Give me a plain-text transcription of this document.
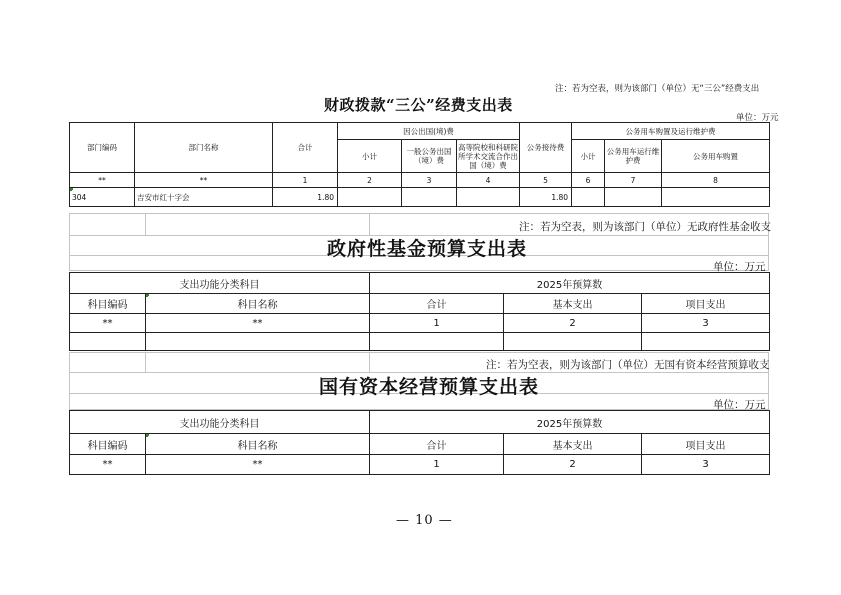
注：若为空表，则为该部门（单位）无“三公”经费支出
财政拨款“三公”经费支出表
单位：万元
部门编码	部门名称	合计	因公出国(境)费			公务接待费	公务用车购置及运行维护费		
			小计	一般公务出国（境）费	高等院校和科研院所学术交流合作出国（境）费		小计	公务用车运行维护费	公务用车购置
**	**	1	2	3	4	5	6	7	8
304	吉安市红十字会	1.80				1.80			
注：若为空表，则为该部门（单位）无政府性基金收支
政府性基金预算支出表
单位：万元
支出功能分类科目		2025年预算数		
科目编码	科目名称	合计	基本支出	项目支出
**	**	1	2	3

注：若为空表，则为该部门（单位）无国有资本经营预算收支
国有资本经营预算支出表
单位：万元
支出功能分类科目		2025年预算数		
科目编码	科目名称	合计	基本支出	项目支出
**	**	1	2	3
— 10 —
